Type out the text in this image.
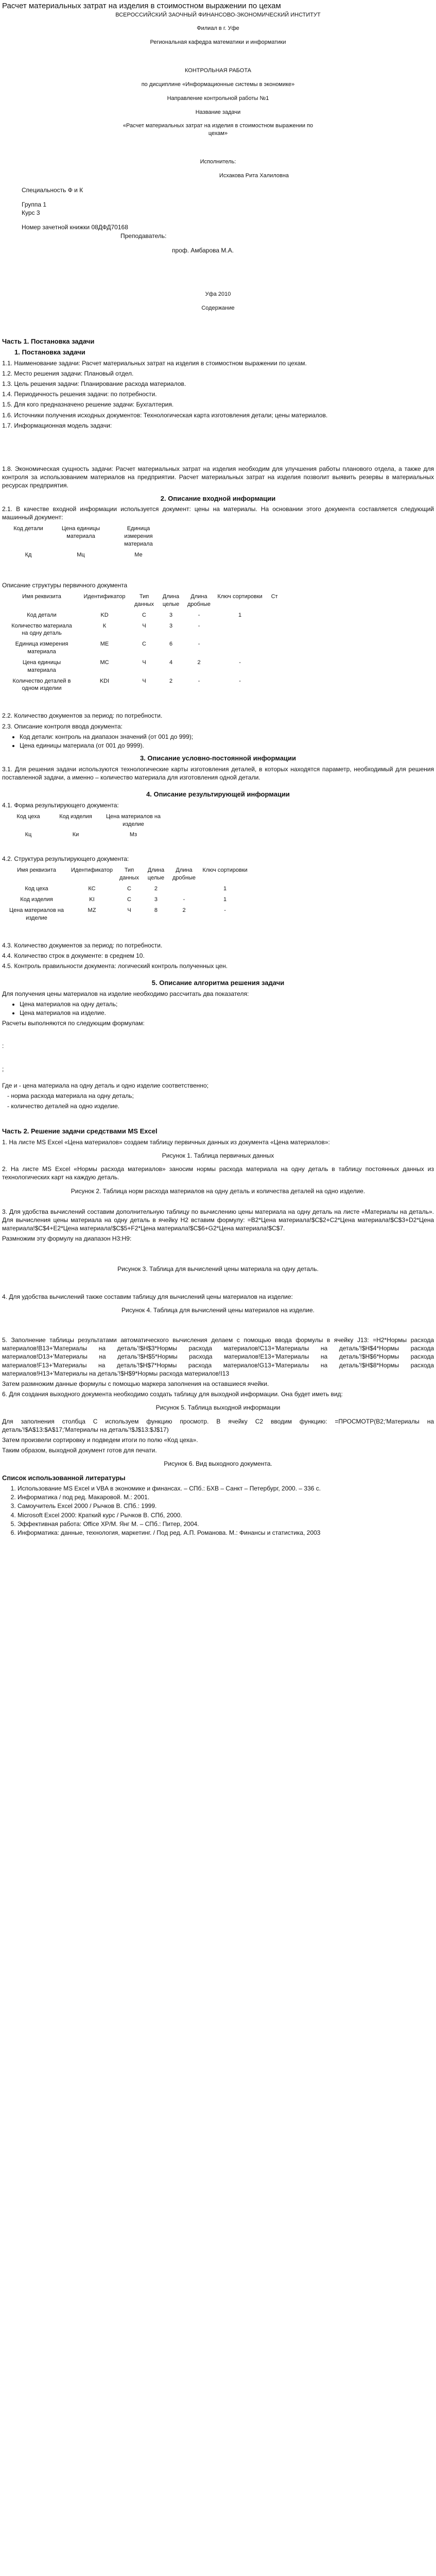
Расчет материальных затрат на изделия в стоимостном выражении по цехам
ВСЕРОССИЙСКИЙ ЗАОЧНЫЙ ФИНАНСОВО-ЭКОНОМИЧЕСКИЙ ИНСТИТУТ
Филиал в г. Уфе
Региональная кафедра математики и информатики
КОНТРОЛЬНАЯ РАБОТА
по дисциплине «Информационные системы в экономике»
Направление контрольной работы №1
Название задачи
«Расчет материальных затрат на изделия в стоимостном выражении по цехам»
Исполнитель:
Исхакова Рита Халиловна
Специальность Ф и К
Группа 1
Курс 3
Номер зачетной книжки 08ДФД70168
Преподаватель:
проф. Амбарова М.А.
Уфа 2010
Содержание
Часть 1. Постановка задачи
1. Постановка задачи

1.1. Наименование задачи: Расчет материальных затрат на изделия в стоимостном выражении по цехам.

1.2. Место решения задачи: Плановый отдел.

1.3. Цель решения задачи: Планирование расхода материалов.

1.4. Периодичность решения задачи: по потребности.

1.5. Для кого предназначено решение задачи: Бухгалтерия.

1.6. Источники получения исходных документов: Технологическая карта изготовления детали; цены материалов.

1.7. Информационная модель задачи:

1.8. Экономическая сущность задачи: Расчет материальных затрат на изделия необходим для улучшения работы планового отдела, а также для контроля за использованием материалов на предприятии. Расчет материальных затрат на изделия позволит выявить резервы в материальных ресурсах предприятия.

2. Описание входной информации

2.1. В качестве входной информации используется документ: цены на материалы. На основании этого документа составляется следующий машинный документ:

Код детали	Цена единицы материала	Единица измерения материала
Кд	Мц	Ме

Описание структуры первичного документа

Имя реквизита	Идентификатор	Тип данных	Длина целые	Длина дробные	Ключ сортировки	Ст
Код детали	KD	С	3	-	1	
Количество материала на одну деталь	К	Ч	3	-		
Единица измерения материала	МЕ	С	6	-		
Цена единицы материала	МС	Ч	4	2	-	
Количество деталей в одном изделии	KDI	Ч	2	-	-	

2.2. Количество документов за период: по потребности.

2.3. Описание контроля ввода документа:

• Код детали: контроль на диапазон значений (от 001 до 999);
• Цена единицы материала (от 001 до 9999).
3. Описание условно-постоянной информации

3.1. Для решения задачи используются технологические карты изготовления деталей, в которых находятся параметр, необходимый для решения поставленной задачи, а именно – количество материала для изготовления одной детали.

4. Описание результирующей информации

4.1. Форма результирующего документа:

Код цеха	Код изделия	Цена материалов на изделие
Кц	Ки	Мз

4.2. Структура результирующего документа:

Имя реквизита	Идентификатор	Тип данных	Длина целые	Длина дробные	Ключ сортировки
Код цеха	КС	С	2		1
Код изделия	KI	С	3	-	1
Цена материалов на изделие	MZ	Ч	8	2	-

4.3. Количество документов за период: по потребности.

4.4. Количество строк в документе: в среднем 10.

4.5. Контроль правильности документа: логический контроль полученных цен.

5. Описание алгоритма решения задачи

Для получения цены материалов на изделие необходимо рассчитать два показателя:

• Цена материалов на одну деталь;
• Цена материалов на изделие.

Расчеты выполняются по следующим формулам:

:

;

Где и - цена материала на одну деталь и одно изделие соответственно;

- норма расхода материала на одну деталь;

- количество деталей на одно изделие.

Часть 2. Решение задачи средствами MS Excel

1. На листе MS Excel «Цена материалов» создаем таблицу первичных данных из документа «Цена материалов»:

Рисунок 1. Таблица первичных данных

2. На листе MS Excel «Нормы расхода материалов» заносим нормы расхода материала на одну деталь в таблицу постоянных данных из технологических карт на каждую деталь.

Рисунок 2. Таблица норм расхода материалов на одну деталь и количества деталей на одно изделие.

3. Для удобства вычислений составим дополнительную таблицу по вычислению цены материала на одну деталь на листе «Материалы на деталь». Для вычисления цены материала на одну деталь в ячейку H2 вставим формулу: =В2*Цена материала!$C$2+C2*Цена материала!$C$3+D2*Цена материала!$C$4+E2*Цена материала!$C$5+F2*Цена материала!$C$6+G2*Цена материала!$C$7.

Размножим эту формулу на диапазон H3:H9:

Рисунок 3. Таблица для вычислений цены материала на одну деталь.

4. Для удобства вычислений также составим таблицу для вычислений цены материалов на изделие:

Рисунок 4. Таблица для вычислений цены материалов на изделие.

5. Заполнение таблицы результатами автоматического вычисления делаем с помощью ввода формулы в ячейку J13: =H2*Нормы расхода материалов!B13+'Материалы на деталь'!$H$3*Нормы расхода материалов!C13+'Материалы на деталь'!$H$4*Нормы расхода материалов!D13+'Материалы на деталь'!$H$5*Нормы расхода материалов!E13+'Материалы на деталь'!$H$6*Нормы расхода материалов!F13+'Материалы на деталь'!$H$7*Нормы расхода материалов!G13+'Материалы на деталь'!$H$8*Нормы расхода материалов!H13+'Материалы на деталь'!$H$9*Нормы расхода материалов!I13

Затем размножим данные формулы с помощью маркера заполнения на оставшиеся ячейки.

6. Для создания выходного документа необходимо создать таблицу для выходной информации. Она будет иметь вид:

Рисунок 5. Таблица выходной информации

Для заполнения столбца С используем функцию просмотр. В ячейку С2 вводим функцию: =ПРОСМОТР(B2;'Материалы на деталь'!$A$13:$A$17;'Материалы на деталь'!$J$13:$J$17)

Затем произвели сортировку и подведем итоги по полю «Код цеха».

Таким образом, выходной документ готов для печати.

Рисунок 6. Вид выходного документа.
Список использованной литературы
1. Использование MS Excel и VBA в экономике и финансах. – СПб.: БХВ – Санкт – Петербург, 2000. – 336 с.
2. Информатика / под ред. Макаровой. М.: 2001.
3. Самоучитель Excel 2000 / Рычков В. СПб.: 1999.
4. Microsoft Excel 2000: Краткий курс / Рычков В. СПб, 2000.
5. Эффективная работа: Office XP/М. Янг М. – СПб.: Питер, 2004.
6. Информатика: данные, технология, маркетинг. / Под ред. А.П. Романова. М.: Финансы и статистика, 2003
